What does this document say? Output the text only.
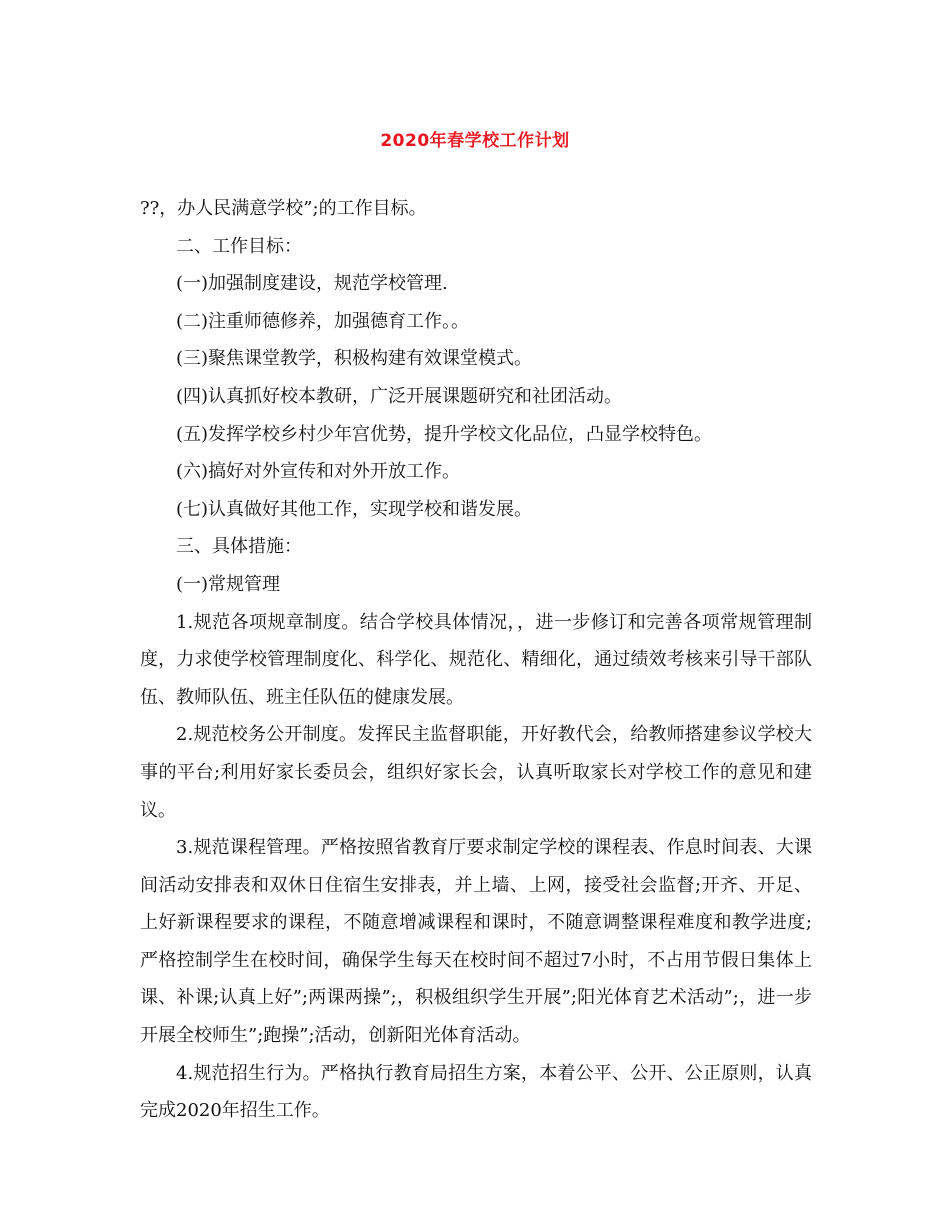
2020年春学校工作计划

??，办人民满意学校”;的工作目标。

二、工作目标：

(一)加强制度建设，规范学校管理.

(二)注重师德修养，加强德育工作。。

(三)聚焦课堂教学，积极构建有效课堂模式。

(四)认真抓好校本教研，广泛开展课题研究和社团活动。

(五)发挥学校乡村少年宫优势，提升学校文化品位，凸显学校特色。

(六)搞好对外宣传和对外开放工作。

(七)认真做好其他工作，实现学校和谐发展。

三、具体措施：

(一)常规管理

1.规范各项规章制度。结合学校具体情况，，进一步修订和完善各项常规管理制度，力求使学校管理制度化、科学化、规范化、精细化，通过绩效考核来引导干部队伍、教师队伍、班主任队伍的健康发展。

2.规范校务公开制度。发挥民主监督职能，开好教代会，给教师搭建参议学校大事的平台;利用好家长委员会，组织好家长会，认真听取家长对学校工作的意见和建议。

3.规范课程管理。严格按照省教育厅要求制定学校的课程表、作息时间表、大课间活动安排表和双休日住宿生安排表，并上墙、上网，接受社会监督;开齐、开足、上好新课程要求的课程，不随意增减课程和课时，不随意调整课程难度和教学进度;严格控制学生在校时间，确保学生每天在校时间不超过7小时，不占用节假日集体上课、补课;认真上好”;两课两操”;，积极组织学生开展”;阳光体育艺术活动”;，进一步开展全校师生”;跑操”;活动，创新阳光体育活动。

4.规范招生行为。严格执行教育局招生方案，本着公平、公开、公正原则，认真完成2020年招生工作。
